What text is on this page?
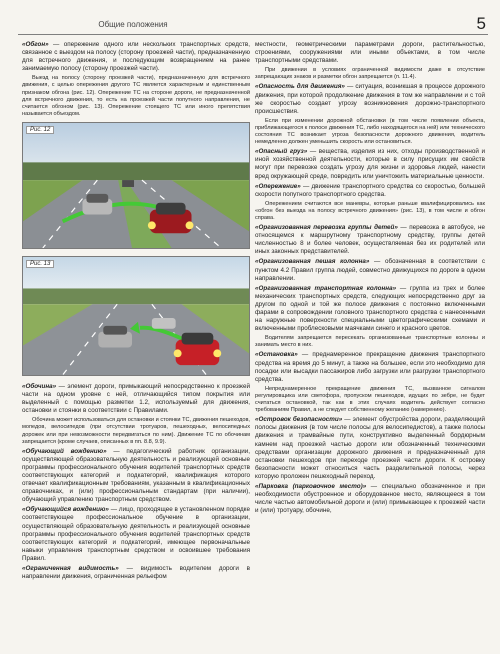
Общие положения	5

«Обгон» — опережение одного или нескольких транспортных средств, связанное с выездом на полосу (сторону проезжей части), предназначенную для встречного движения, и последующим возвращением на ранее занимаемую полосу (сторону проезжей части).

Выезд на полосу (сторону проезжей части), предназначенную для встречного движения, с целью опережения другого ТС является характерным и единственным признаком обгона (рис. 12). Опережение ТС на стороне дороги, не предназначенной для встречного движения, то есть на проезжей части попутного направления, не считается обгоном (рис. 13). Опережение стоящего ТС или иного препятствия называется объездом.

Рис. 12
Рис. 13

«Обочина» — элемент дороги, примыкающий непосредственно к проезжей части на одном уровне с ней, отличающийся типом покрытия или выделенный с помощью разметки 1.2, используемый для движения, остановки и стоянки в соответствии с Правилами.

Обочина может использоваться для остановки и стоянки ТС, движения пешеходов, мопедов, велосипедов (при отсутствии тротуаров, пешеходных, велосипедных дорожек или при невозможности передвигаться по ним). Движение ТС по обочинам запрещается (кроме случаев, описанных в пп. 8.8, 9.9).

«Обучающий вождению» — педагогический работник организации, осуществляющей образовательную деятельность и реализующей основные программы профессионального обучения водителей транспортных средств соответствующих категорий и подкатегорий, квалификация которого отвечает квалификационным требованиям, указанным в квалификационных справочниках, и (или) профессиональным стандартам (при наличии), обучающий управлению транспортным средством.

«Обучающийся вождению» — лицо, проходящее в установленном порядке соответствующее профессиональное обучение в организации, осуществляющей образовательную деятельность и реализующей основные программы профессионального обучения водителей транспортных средств соответствующих категорий и подкатегорий, имеющее первоначальные навыки управления транспортным средством и освоившее требования Правил.

«Ограниченная видимость» — видимость водителем дороги в направлении движения, ограниченная рельефом

местности, геометрическими параметрами дороги, растительностью, строениями, сооружениями или иными объектами, в том числе транспортными средствами.

При движении в условиях ограниченной видимости даже в отсутствие запрещающих знаков и разметки обгон запрещается (п. 11.4).

«Опасность для движения» — ситуация, возникшая в процессе дорожного движения, при которой продолжение движения в том же направлении и с той же скоростью создает угрозу возникновения дорожно-транспортного происшествия.

Если при изменении дорожной обстановки (в том числе появлении объекта, приближающегося к полосе движения ТС, либо находящегося на ней) или технического состояния ТС возникает угроза безопасности дорожного движения, водитель немедленно должен уменьшить скорость или остановиться.

«Опасный груз» — вещества, изделия из них, отходы производственной и иной хозяйственной деятельности, которые в силу присущих им свойств могут при перевозке создать угрозу для жизни и здоровья людей, нанести вред окружающей среде, повредить или уничтожить материальные ценности.

«Опережение» — движение транспортного средства со скоростью, большей скорости попутного транспортного средства.

Опережением считаются все маневры, которые раньше квалифицировались как «обгон без выезда на полосу встречного движения» (рис. 13), в том числе и обгон справа.

«Организованная перевозка группы детей» — перевозка в автобусе, не относящемся к маршрутному транспортному средству, группы детей численностью 8 и более человек, осуществляемая без их родителей или иных законных представителей.

«Организованная пешая колонна» — обозначенная в соответствии с пунктом 4.2 Правил группа людей, совместно движущихся по дороге в одном направлении.

«Организованная транспортная колонна» — группа из трех и более механических транспортных средств, следующих непосредственно друг за другом по одной и той же полосе движения с постоянно включенными фарами в сопровождении головного транспортного средства с нанесенными на наружные поверхности специальными цветографическими схемами и включенными проблесковыми маячками синего и красного цветов.

Водителям запрещается пересекать организованные транспортные колонны и занимать место в них.

«Остановка» — преднамеренное прекращение движения транспортного средства на время до 5 минут, а также на большее, если это необходимо для посадки или высадки пассажиров либо загрузки или разгрузки транспортного средства.

Непреднамеренное прекращение движения ТС, вызванное сигналом регулировщика или светофора, пропуском пешеходов, идущих по зебре, не будет считаться остановкой, так как в этих случаях водитель действует согласно требованиям Правил, а не следует собственному желанию (намерению).

«Островок безопасности» — элемент обустройства дороги, разделяющий полосы движения (в том числе полосы для велосипедистов), а также полосы движения и трамвайные пути, конструктивно выделенный бордюрным камнем над проезжей частью дороги или обозначенный техническими средствами организации дорожного движения и предназначенный для остановки пешеходов при переходе проезжей части дороги. К островку безопасности может относиться часть разделительной полосы, через которую проложен пешеходный переход.

«Парковка (парковочное место)» — специально обозначенное и при необходимости обустроенное и оборудованное место, являющееся в том числе частью автомобильной дороги и (или) примыкающее к проезжей части и (или) тротуару, обочине,
